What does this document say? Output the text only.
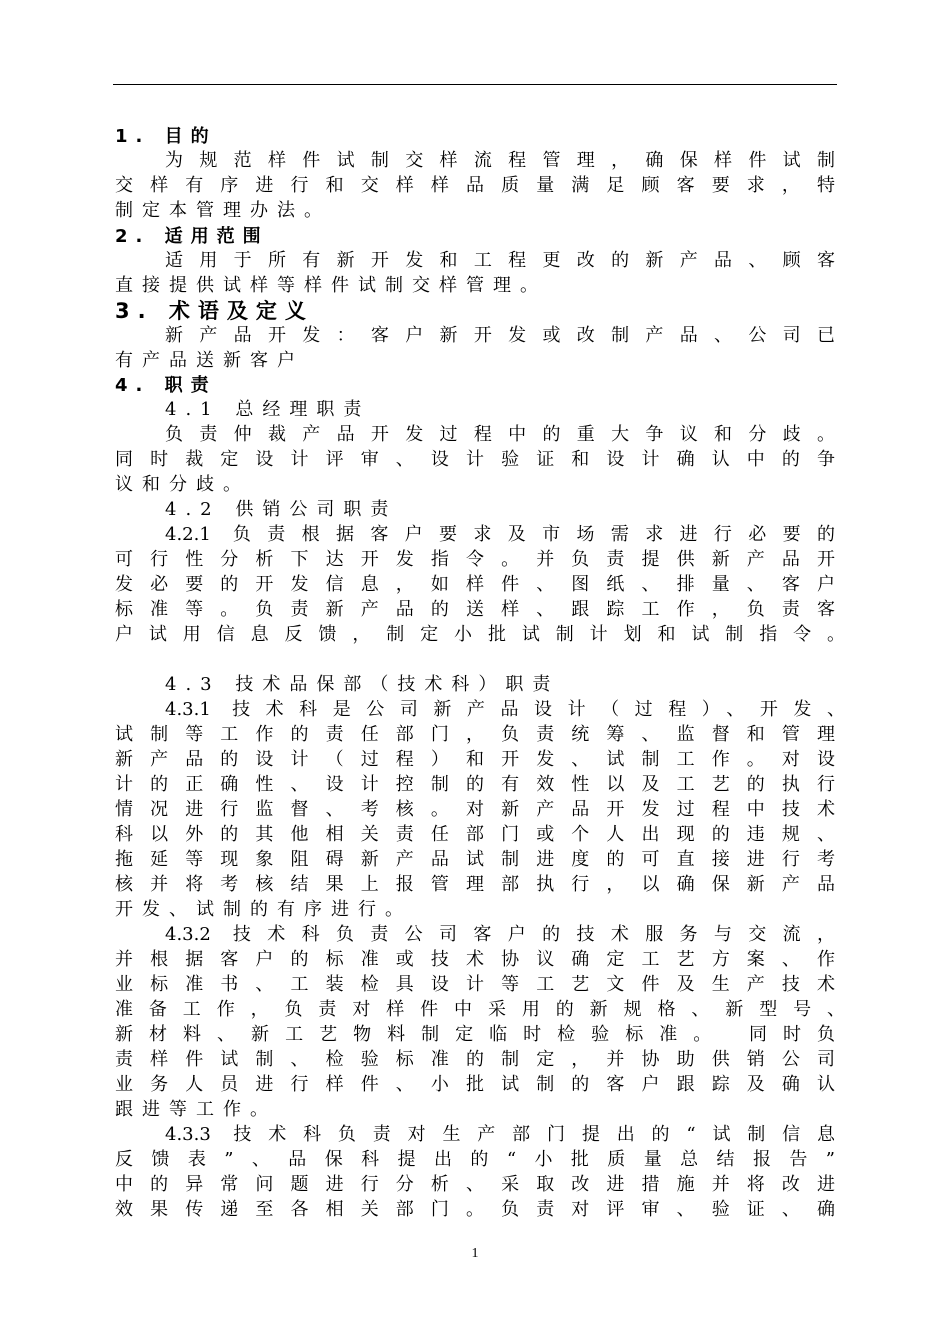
1. 目的
为规范样件试制交样流程管理，确保样件试制
交样有序进行和交样样品质量满足顾客要求，特
制定本管理办法。
2. 适用范围
适用于所有新开发和工程更改的新产品、顾客
直接提供试样等样件试制交样管理。
3. 术语及定义
新产品开发：客户新开发或改制产品、公司已
有产品送新客户
4. 职责
4.1 总经理职责
负责仲裁产品开发过程中的重大争议和分歧。
同时裁定设计评审、设计验证和设计确认中的争
议和分歧。
4.2 供销公司职责
4.2.1 负责根据客户要求及市场需求进行必要的
可行性分析下达开发指令。并负责提供新产品开
发必要的开发信息，如样件、图纸、排量、客户
标准等。负责新产品的送样、跟踪工作，负责客
户试用信息反馈，制定小批试制计划和试制指令。
4.3 技术品保部（技术科）职责
4.3.1 技术科是公司新产品设计（过程）、开发、
试制等工作的责任部门，负责统筹、监督和管理
新产品的设计（过程）和开发、试制工作。对设
计的正确性、设计控制的有效性以及工艺的执行
情况进行监督、考核。对新产品开发过程中技术
科以外的其他相关责任部门或个人出现的违规、
拖延等现象阻碍新产品试制进度的可直接进行考
核并将考核结果上报管理部执行，以确保新产品
开发、试制的有序进行。
4.3.2 技术科负责公司客户的技术服务与交流，
并根据客户的标准或技术协议确定工艺方案、作
业标准书、工装检具设计等工艺文件及生产技术
准备工作，负责对样件中采用的新规格、新型号、
新材料、新工艺物料制定临时检验标准。 同时负
责样件试制、检验标准的制定，并协助供销公司
业务人员进行样件、小批试制的客户跟踪及确认
跟进等工作。
4.3.3 技术科负责对生产部门提出的“试制信息
反馈表”、品保科提出的“小批质量总结报告”
中的异常问题进行分析、采取改进措施并将改进
效果传递至各相关部门。负责对评审、验证、确
1
